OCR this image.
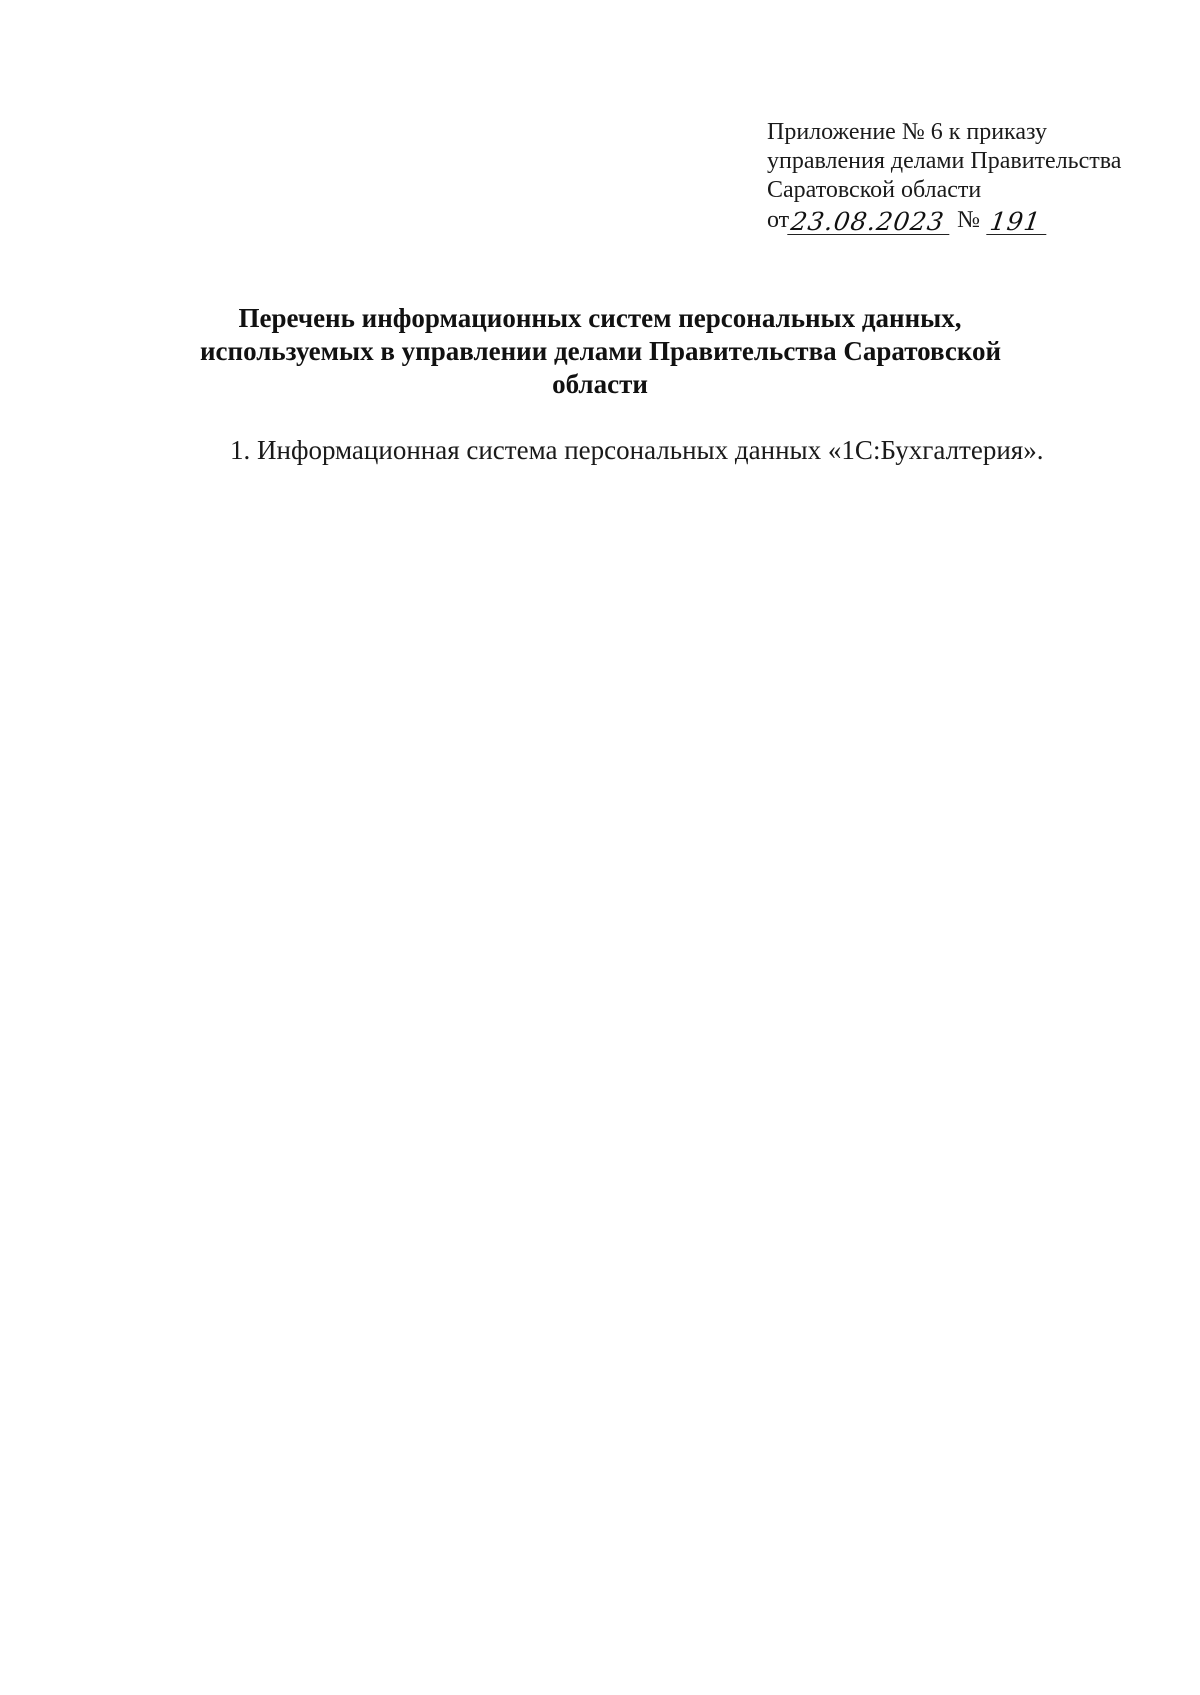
Приложение № 6 к приказу
управления делами Правительства
Саратовской области
от 23.08.2023 № 191
Перечень информационных систем персональных данных,
используемых в управлении делами Правительства Саратовской
области
1. Информационная система персональных данных «1С:Бухгалтерия».
